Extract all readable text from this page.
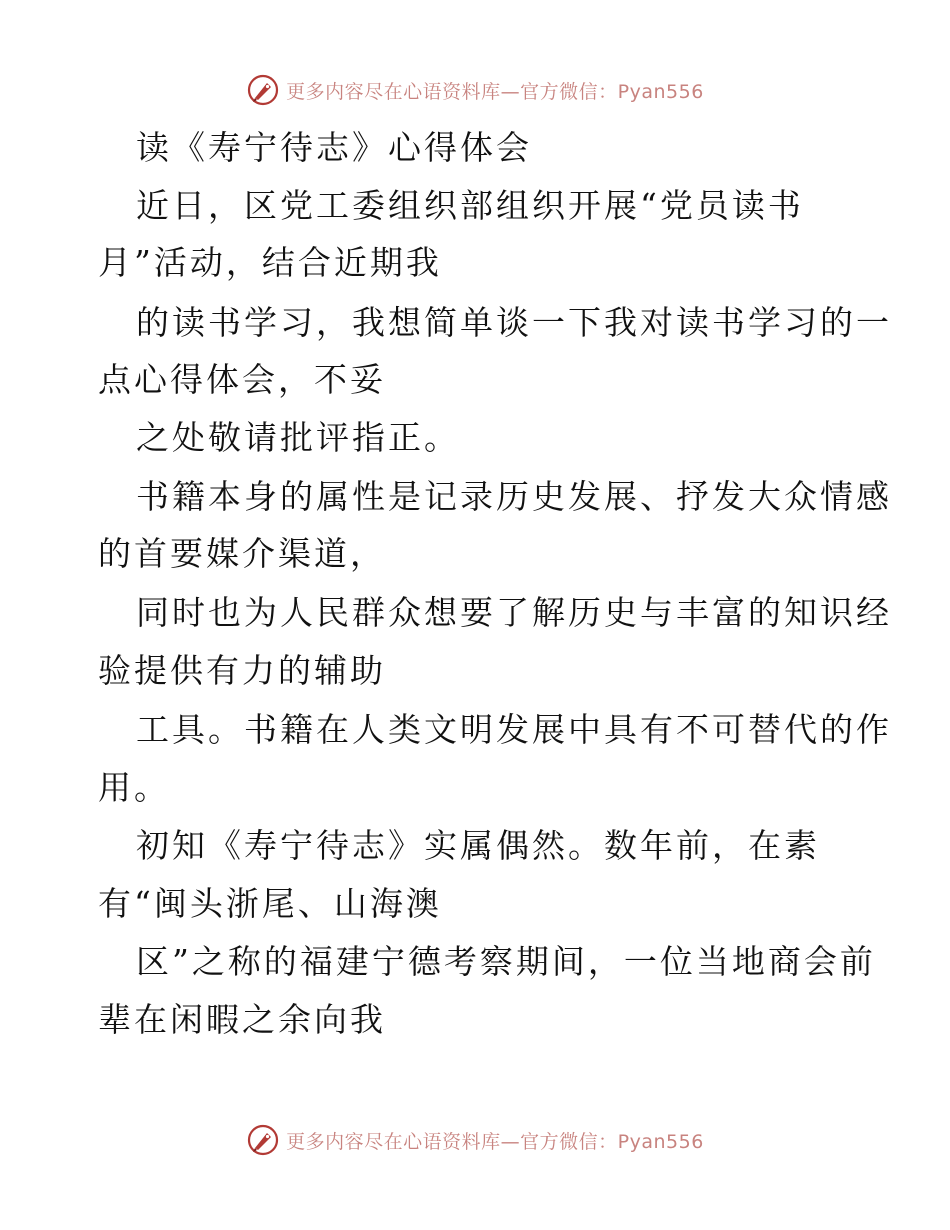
更多内容尽在心语资料库—官方微信：Pyan556
读《寿宁待志》心得体会
近日，区党工委组织部组织开展“党员读书
月”活动，结合近期我
的读书学习，我想简单谈一下我对读书学习的一
点心得体会，不妥
之处敬请批评指正。
书籍本身的属性是记录历史发展、抒发大众情感
的首要媒介渠道，
同时也为人民群众想要了解历史与丰富的知识经
验提供有力的辅助
工具。书籍在人类文明发展中具有不可替代的作
用。
初知《寿宁待志》实属偶然。数年前，在素
有“闽头浙尾、山海澳
区”之称的福建宁德考察期间，一位当地商会前
辈在闲暇之余向我
更多内容尽在心语资料库—官方微信：Pyan556
